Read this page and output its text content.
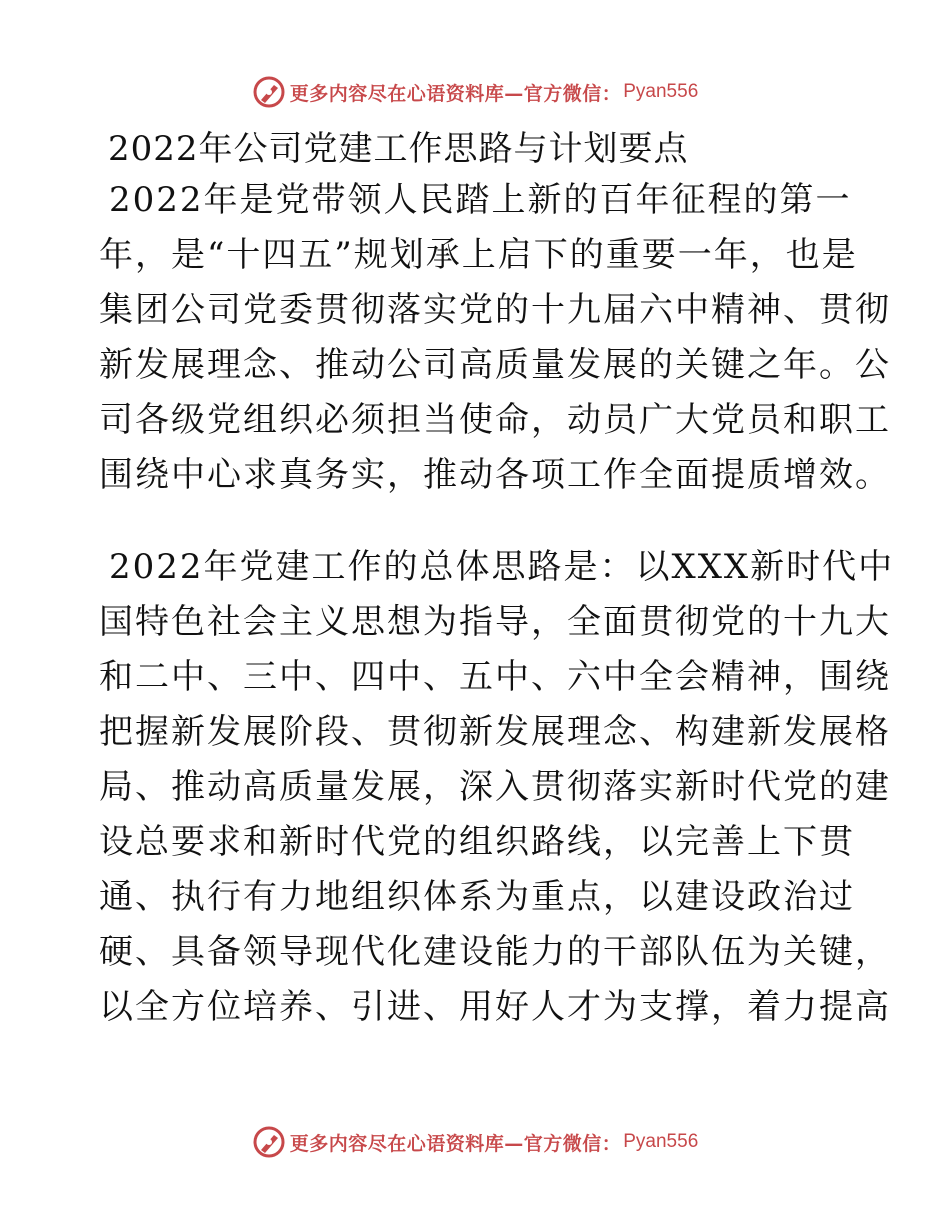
更多内容尽在心语资料库—官方微信： Pyan556
2022年公司党建工作思路与计划要点
2022年是党带领人民踏上新的百年征程的第一
年，是“十四五”规划承上启下的重要一年，也是
集团公司党委贯彻落实党的十九届六中精神、贯彻
新发展理念、推动公司高质量发展的关键之年。公
司各级党组织必须担当使命，动员广大党员和职工
围绕中心求真务实，推动各项工作全面提质增效。
2022年党建工作的总体思路是：以XXX新时代中
国特色社会主义思想为指导，全面贯彻党的十九大
和二中、三中、四中、五中、六中全会精神，围绕
把握新发展阶段、贯彻新发展理念、构建新发展格
局、推动高质量发展，深入贯彻落实新时代党的建
设总要求和新时代党的组织路线，以完善上下贯
通、执行有力地组织体系为重点，以建设政治过
硬、具备领导现代化建设能力的干部队伍为关键，
以全方位培养、引进、用好人才为支撑，着力提高
更多内容尽在心语资料库—官方微信： Pyan556
